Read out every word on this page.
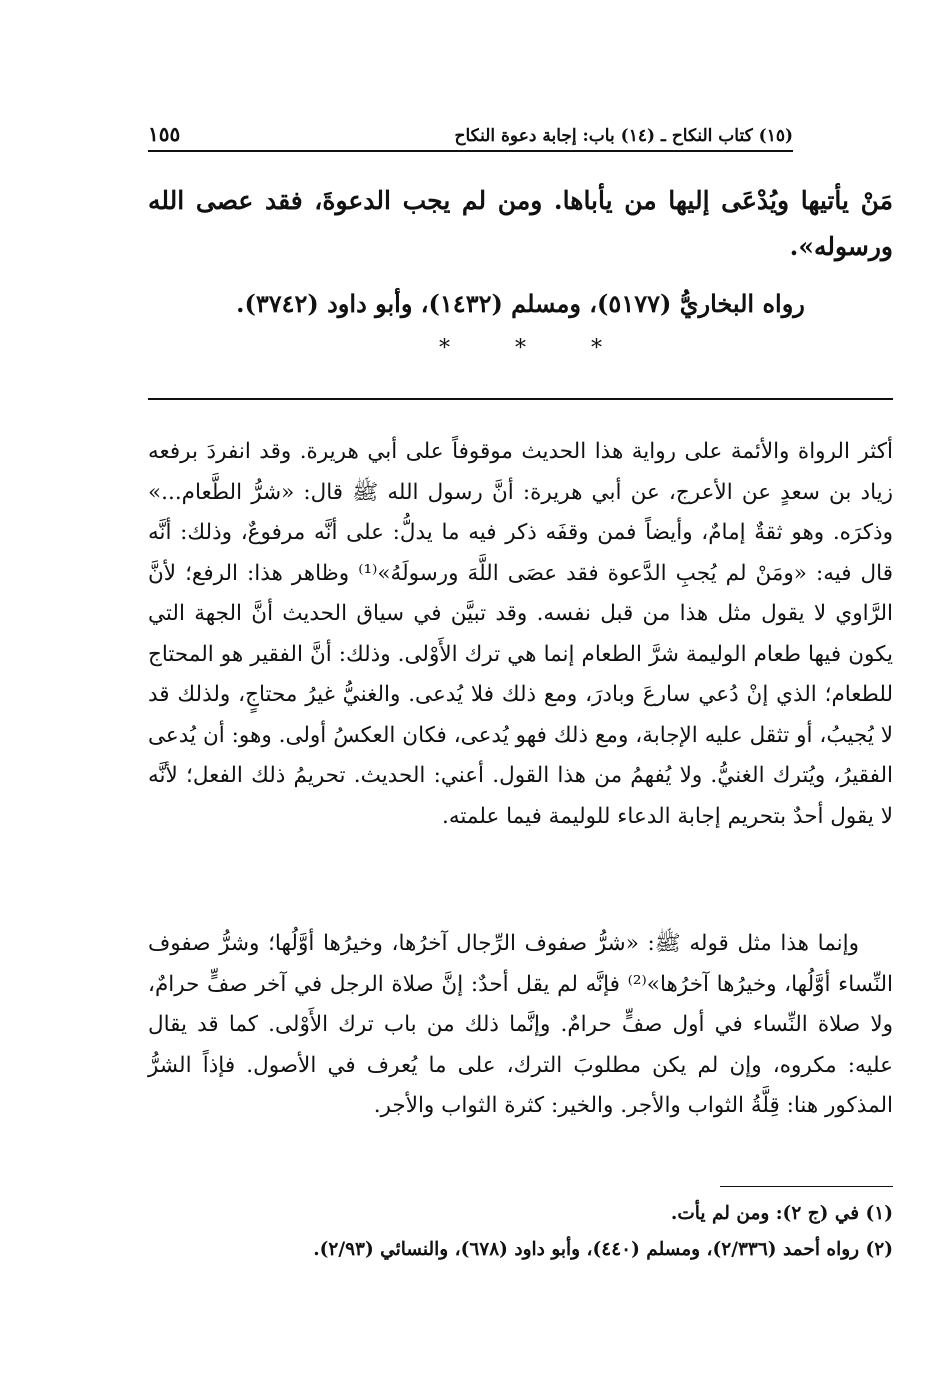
(١٥) كتاب النكاح ـ (١٤) باب: إجابة دعوة النكاح
١٥٥
مَنْ يأتيها ويُدْعَى إليها من يأباها. ومن لم يجب الدعوةَ، فقد عصى الله ورسوله».
رواه البخاريُّ (٥١٧٧)، ومسلم (١٤٣٢)، وأبو داود (٣٧٤٢).
* * *
أكثر الرواة والأئمة على رواية هذا الحديث موقوفاً على أبي هريرة. وقد انفردَ برفعه زياد بن سعدٍ عن الأعرج، عن أبي هريرة: أنَّ رسول الله ﷺ قال: «شرُّ الطَّعام...» وذكرَه. وهو ثقةٌ إمامٌ، وأيضاً فمن وقفَه ذكر فيه ما يدلُّ: على أنَّه مرفوعٌ، وذلك: أنَّه قال فيه: «ومَنْ لم يُجبِ الدَّعوة فقد عصَى اللَّهَ ورسولَهُ»⁽¹⁾ وظاهر هذا: الرفع؛ لأنَّ الرَّاوي لا يقول مثل هذا من قبل نفسه. وقد تبيَّن في سياق الحديث أنَّ الجهة التي يكون فيها طعام الوليمة شرَّ الطعام إنما هي ترك الأَوْلى. وذلك: أنَّ الفقير هو المحتاج للطعام؛ الذي إنْ دُعي سارعَ وبادرَ، ومع ذلك فلا يُدعى. والغنيُّ غيرُ محتاجٍ، ولذلك قد لا يُجيبُ، أو تثقل عليه الإجابة، ومع ذلك فهو يُدعى، فكان العكسُ أولى. وهو: أن يُدعى الفقيرُ، ويُترك الغنيُّ. ولا يُفهمُ من هذا القول. أعني: الحديث. تحريمُ ذلك الفعل؛ لأنَّه لا يقول أحدٌ بتحريم إجابة الدعاء للوليمة فيما علمته.
وإنما هذا مثل قوله ﷺ: «شرُّ صفوف الرِّجال آخرُها، وخيرُها أوَّلُها؛ وشرُّ صفوف النِّساء أوَّلُها، وخيرُها آخرُها»⁽²⁾ فإنَّه لم يقل أحدٌ: إنَّ صلاة الرجل في آخر صفٍّ حرامٌ، ولا صلاة النِّساء في أول صفٍّ حرامٌ. وإنَّما ذلك من باب ترك الأَوْلى. كما قد يقال عليه: مكروه، وإن لم يكن مطلوبَ الترك، على ما يُعرف في الأصول. فإذاً الشرُّ المذكور هنا: قِلَّةُ الثواب والأجر. والخير: كثرة الثواب والأجر.
(١) في (ج ٢): ومن لم يأت.
(٢) رواه أحمد (٢/٣٣٦)، ومسلم (٤٤٠)، وأبو داود (٦٧٨)، والنسائي (٢/٩٣).
